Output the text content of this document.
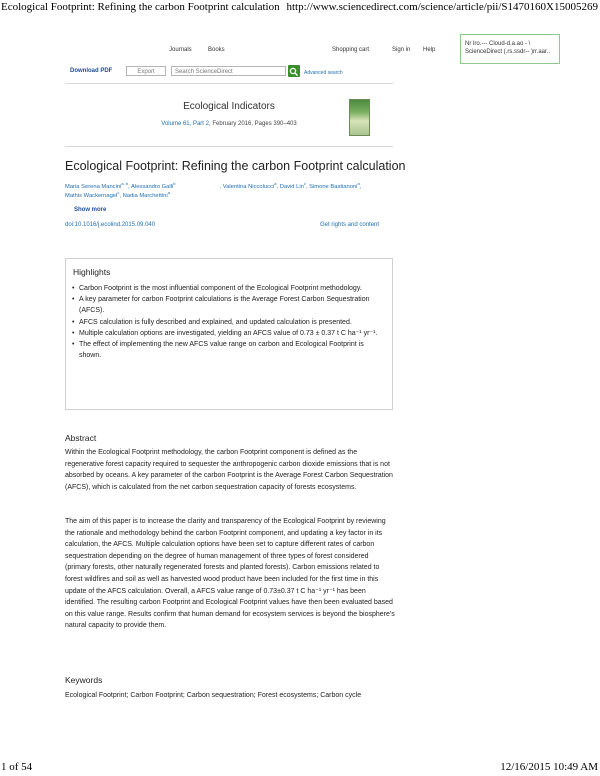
Ecological Footprint: Refining the carbon Footprint calculation http://www.sciencedirect.com/science/article/pii/S1470160X15005269
Journals	Books	Shopping cart	Sign in Help
Nr lro.--- Cloud-d.a.ao - \
ScienceDirect (.rs.ssdr-- )rr.aar..
Download PDF	Export	Search ScienceDirect	Advanced search
Ecological Indicators
Volume 61, Part 2, February 2016, Pages 390–403
Ecological Footprint: Refining the carbon Footprint calculation
Maria Serena Mancini$^{a, b}$, Alessandro Galli$^b$, Valentina Niccolucci$^a$, David Lin$^c$, Simone Bastianoni$^a$,
Mathis Wackernagel$^c$, Nadia Marchettini$^a$
Show more
doi:10.1016/j.ecolind.2015.09.040	Get rights and content
Highlights
• Carbon Footprint is the most influential component of the Ecological Footprint methodology.
• A key parameter for carbon Footprint calculations is the Average Forest Carbon Sequestration (AFCS).
• AFCS calculation is fully described and explained, and updated calculation is presented.
• Multiple calculation options are investigated, yielding an AFCS value of 0.73 ± 0.37 t C ha⁻¹ yr⁻¹.
• The effect of implementing the new AFCS value range on carbon and Ecological Footprint is shown.
Abstract

Within the Ecological Footprint methodology, the carbon Footprint component is defined as the regenerative forest capacity required to sequester the anthropogenic carbon dioxide emissions that is not absorbed by oceans. A key parameter of the carbon Footprint is the Average Forest Carbon Sequestration (AFCS), which is calculated from the net carbon sequestration capacity of forests ecosystems.

The aim of this paper is to increase the clarity and transparency of the Ecological Footprint by reviewing the rationale and methodology behind the carbon Footprint component, and updating a key factor in its calculation, the AFCS. Multiple calculation options have been set to capture different rates of carbon sequestration depending on the degree of human management of three types of forest considered (primary forests, other naturally regenerated forests and planted forests). Carbon emissions related to forest wildfires and soil as well as harvested wood product have been included for the first time in this update of the AFCS calculation. Overall, a AFCS value range of 0.73±0.37 t C ha⁻¹ yr⁻¹ has been identified. The resulting carbon Footprint and Ecological Footprint values have then been evaluated based on this value range. Results confirm that human demand for ecosystem services is beyond the biosphere's natural capacity to provide them.

Keywords

Ecological Footprint; Carbon Footprint; Carbon sequestration; Forest ecosystems; Carbon cycle

1 of 54	12/16/2015 10:49 AM
